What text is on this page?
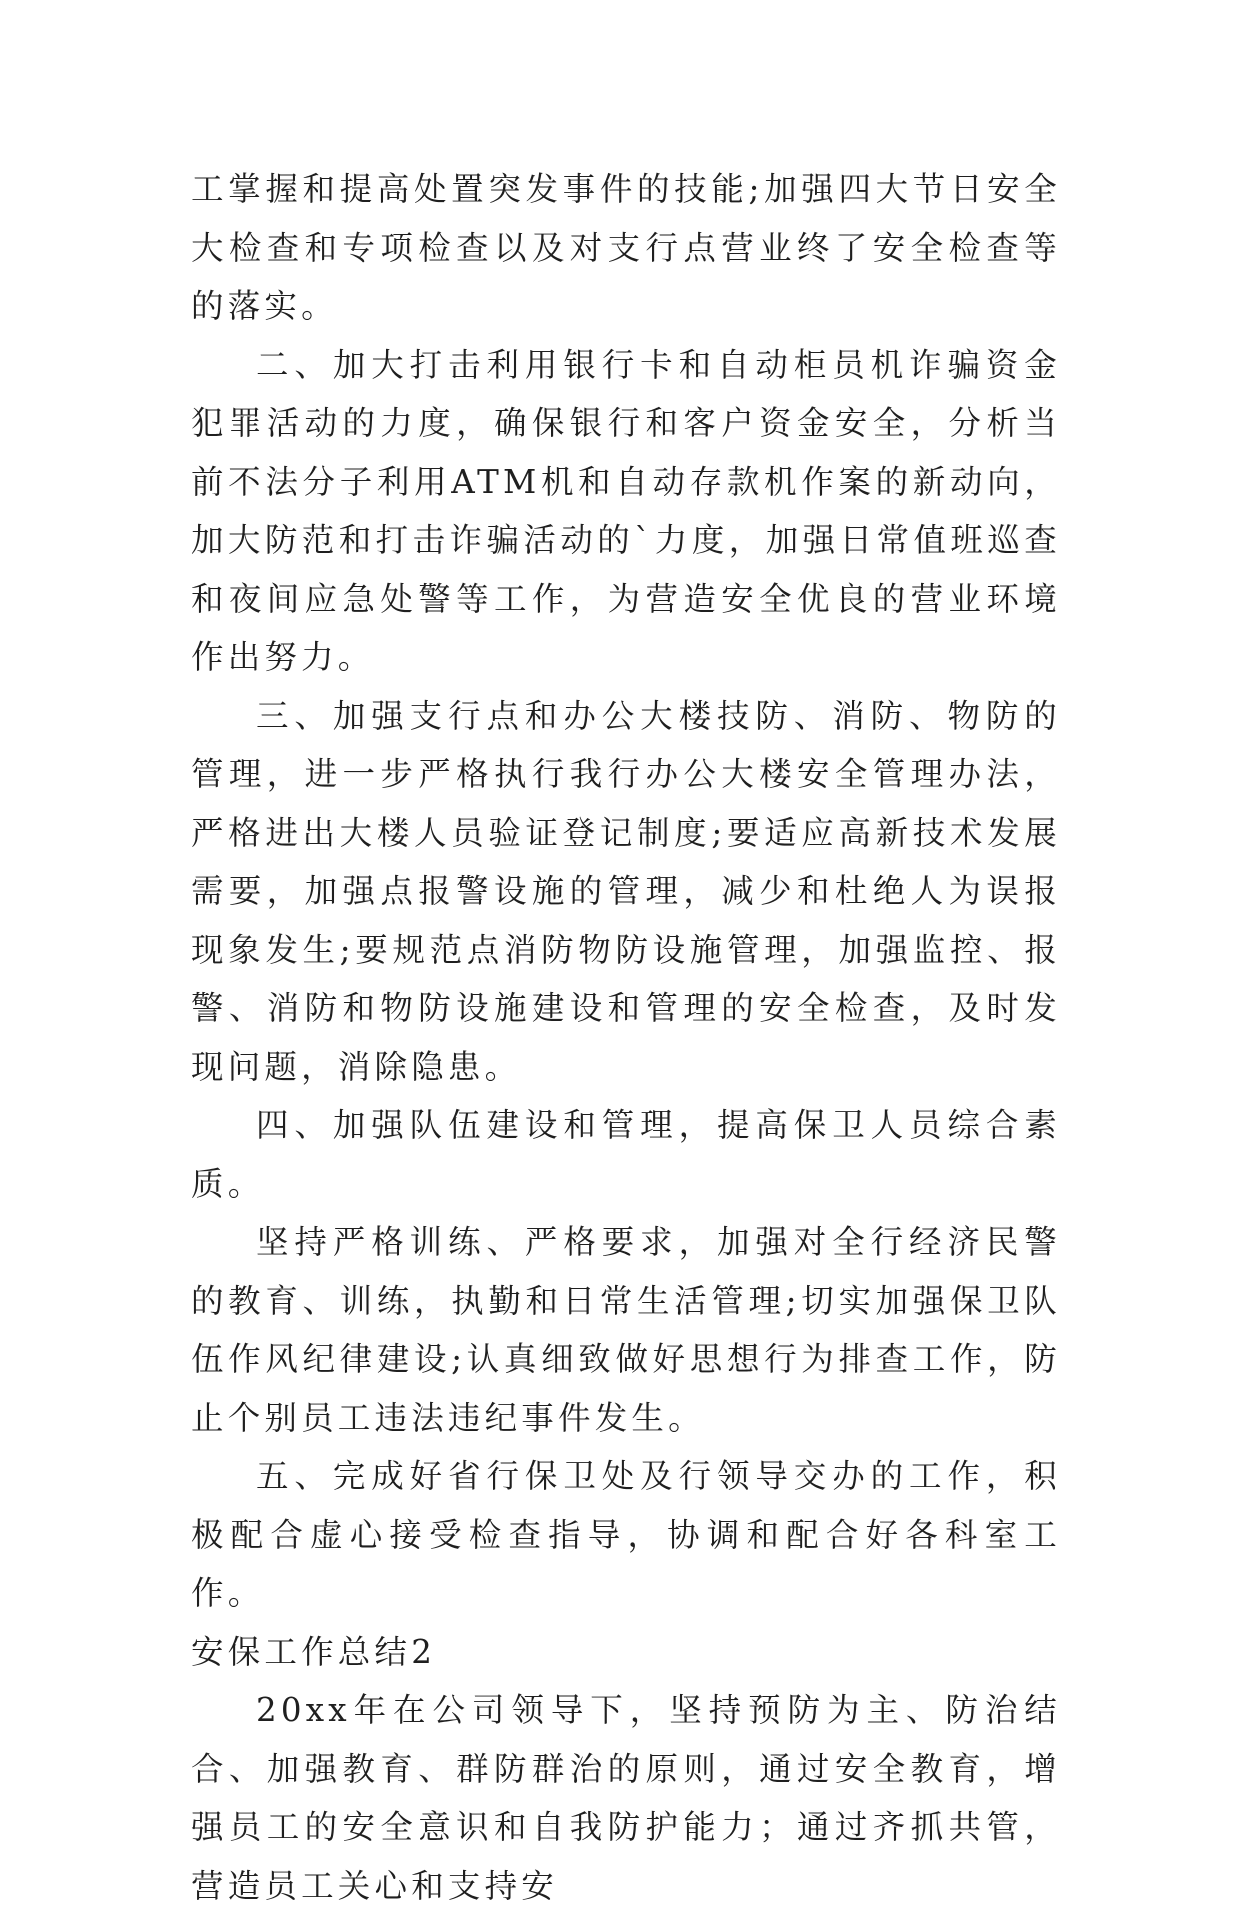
工掌握和提高处置突发事件的技能;加强四大节日安全大检查和专项检查以及对支行点营业终了安全检查等的落实。

二、加大打击利用银行卡和自动柜员机诈骗资金犯罪活动的力度，确保银行和客户资金安全，分析当前不法分子利用ATM机和自动存款机作案的新动向，加大防范和打击诈骗活动的`力度，加强日常值班巡查和夜间应急处警等工作，为营造安全优良的营业环境作出努力。

三、加强支行点和办公大楼技防、消防、物防的管理，进一步严格执行我行办公大楼安全管理办法，严格进出大楼人员验证登记制度;要适应高新技术发展需要，加强点报警设施的管理，减少和杜绝人为误报现象发生;要规范点消防物防设施管理，加强监控、报警、消防和物防设施建设和管理的安全检查，及时发现问题，消除隐患。

四、加强队伍建设和管理，提高保卫人员综合素质。

坚持严格训练、严格要求，加强对全行经济民警的教育、训练，执勤和日常生活管理;切实加强保卫队伍作风纪律建设;认真细致做好思想行为排查工作，防止个别员工违法违纪事件发生。

五、完成好省行保卫处及行领导交办的工作，积极配合虚心接受检查指导，协调和配合好各科室工作。

安保工作总结2

20xx年在公司领导下，坚持预防为主、防治结合、加强教育、群防群治的原则，通过安全教育，增强员工的安全意识和自我防护能力；通过齐抓共管，营造员工关心和支持安
